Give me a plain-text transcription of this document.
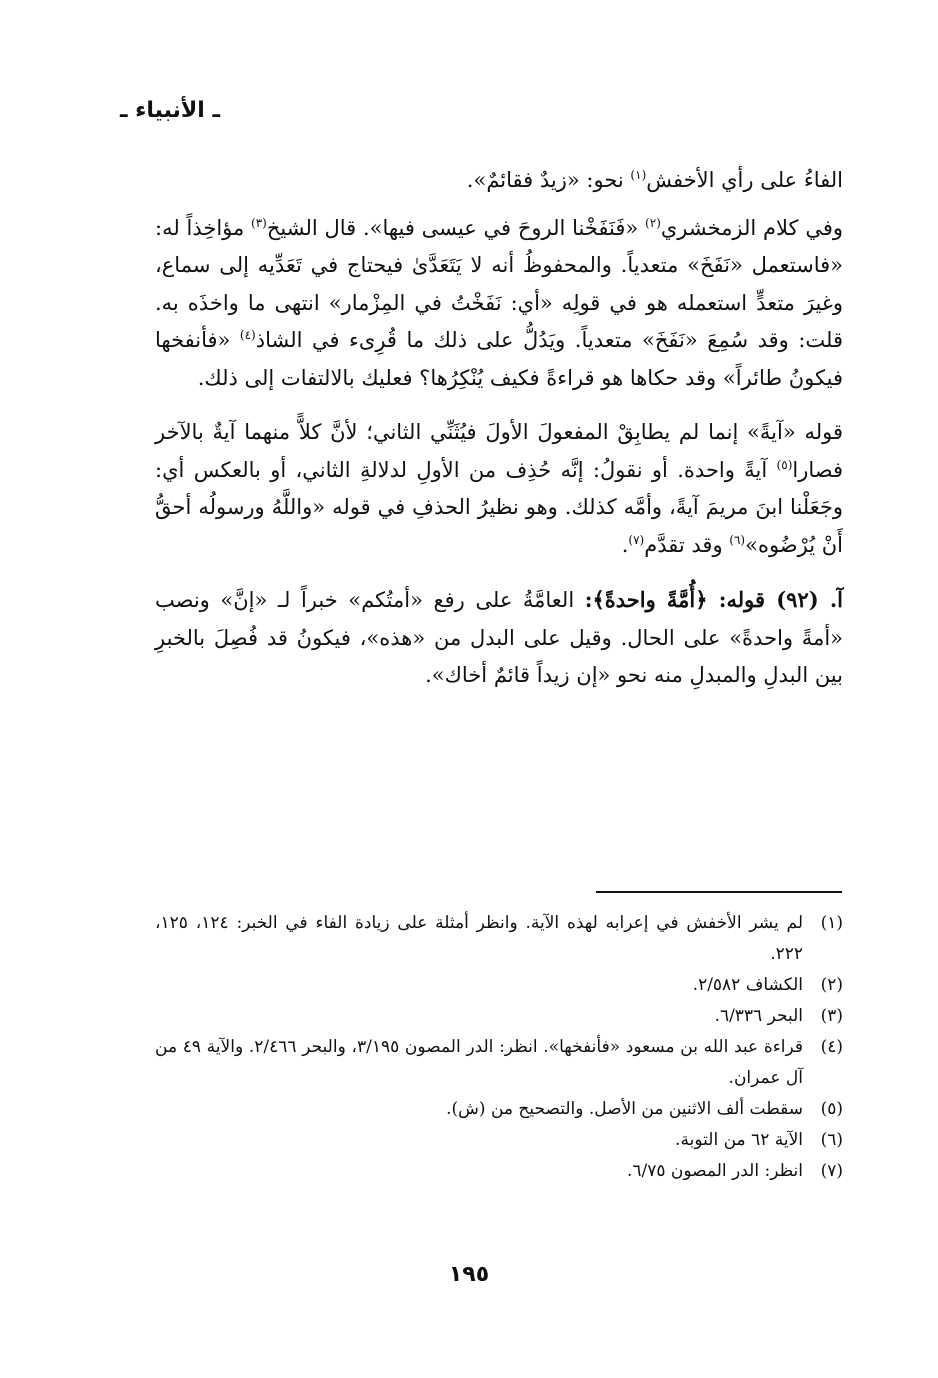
ـ الأنبياء ـ

الفاءُ على رأي الأخفش$^{(١)}$ نحو: «زيدٌ فقائمٌ».

وفي كلام الزمخشري$^{(٢)}$ «فَنَفَخْنا الروحَ في عيسى فيها». قال الشيخ$^{(٣)}$ مؤاخِذاً له: «فاستعمل «نَفَخَ» متعدياً. والمحفوظُ أنه لا يَتَعَدَّىٰ فيحتاج في تَعَدِّيه إلى سماع، وغيرَ متعدٍّ استعمله هو في قولِه «أي: نَفَخْتُ في المِزْمار» انتهى ما واخذَه به. قلت: وقد سُمِعَ «نَفَخَ» متعدياً. ويَدُلُّ على ذلك ما قُرِىء في الشاذ$^{(٤)}$ «فأنفخها فيكونُ طائراً» وقد حكاها هو قراءةً فكيف يُنْكِرُها؟ فعليك بالالتفات إلى ذلك.

قوله «آيةً» إنما لم يطابِقْ المفعولَ الأولَ فيُثَنِّي الثاني؛ لأنَّ كلاًّ منهما آيةٌ بالآخر فصارا$^{(٥)}$ آيةً واحدة. أو نقولُ: إنَّه حُذِف من الأولِ لدلالةِ الثاني، أو بالعكس أي: وجَعَلْنا ابنَ مريمَ آيةً، وأمَّه كذلك. وهو نظيرُ الحذفِ في قوله «واللَّهُ ورسولُه أحقُّ أَنْ يُرْضُوه»$^{(٦)}$ وقد تقدَّم$^{(٧)}$.

آ. (٩٢) قوله: ﴿أُمَّةً واحدةً﴾: العامَّةُ على رفع «أمتُكم» خبراً لـ «إنَّ» ونصب «أمةً واحدةً» على الحال. وقيل على البدل من «هذه»، فيكونُ قد فُصِلَ بالخبرِ بين البدلِ والمبدلِ منه نحو «إن زيداً قائمٌ أخاك».

(١)
لم يشر الأخفش في إعرابه لهذه الآية. وانظر أمثلة على زيادة الفاء في الخبر: ١٢٤، ١٢٥، ٢٢٢.
(٢)
الكشاف ٢/٥٨٢.
(٣)
البحر ٦/٣٣٦.
(٤)
قراءة عبد الله بن مسعود «فأنفخها». انظر: الدر المصون ٣/١٩٥، والبحر ٢/٤٦٦. والآية ٤٩ من آل عمران.
(٥)
سقطت ألف الاثنين من الأصل. والتصحيح من (ش).
(٦)
الآية ٦٢ من التوبة.
(٧)
انظر: الدر المصون ٦/٧٥.
١٩٥
